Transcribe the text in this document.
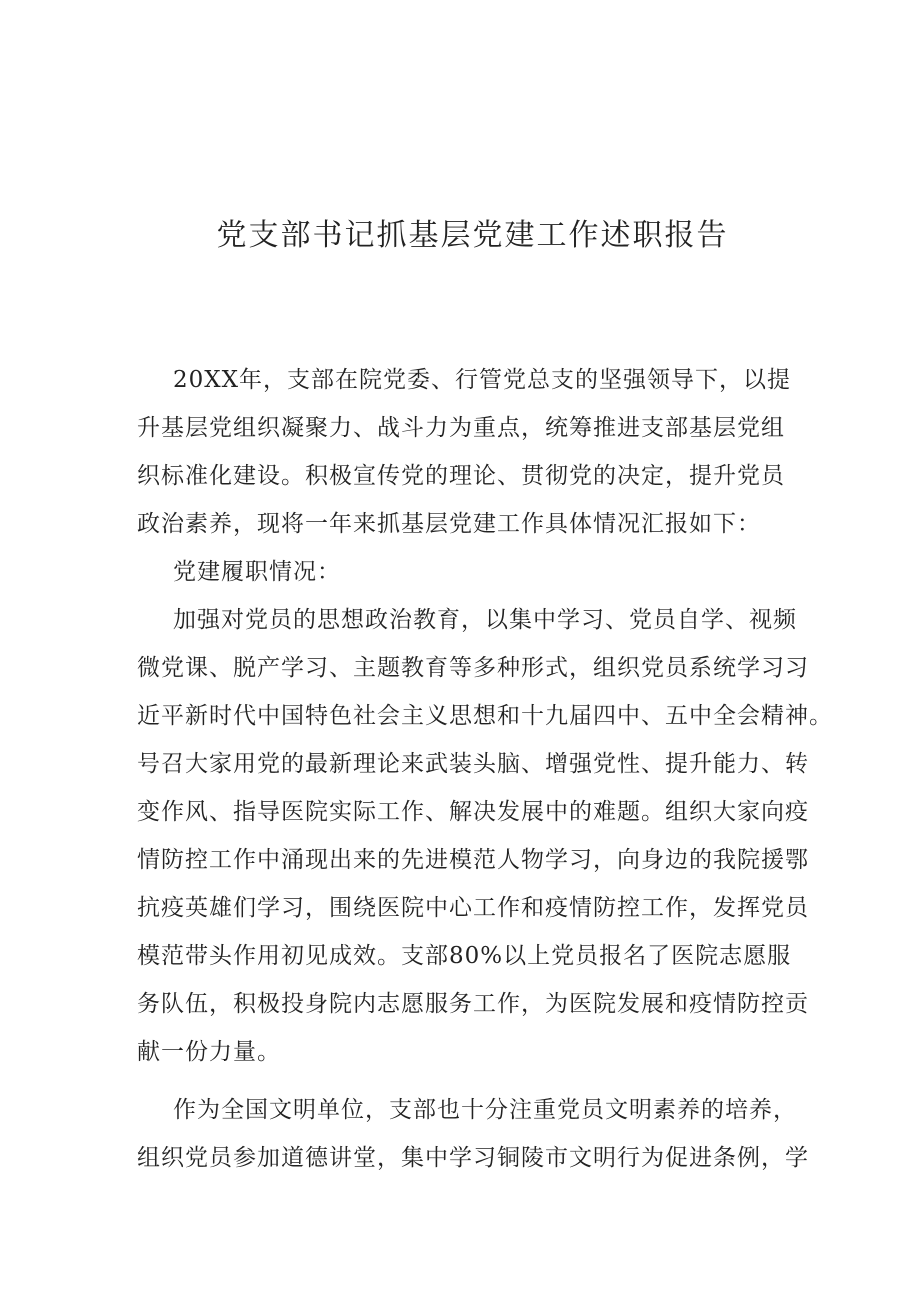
党支部书记抓基层党建工作述职报告
20XX年，支部在院党委、行管党总支的坚强领导下，以提
升基层党组织凝聚力、战斗力为重点，统筹推进支部基层党组
织标准化建设。积极宣传党的理论、贯彻党的决定，提升党员
政治素养，现将一年来抓基层党建工作具体情况汇报如下：
党建履职情况：
加强对党员的思想政治教育，以集中学习、党员自学、视频
微党课、脱产学习、主题教育等多种形式，组织党员系统学习习
近平新时代中国特色社会主义思想和十九届四中、五中全会精神。
号召大家用党的最新理论来武装头脑、增强党性、提升能力、转
变作风、指导医院实际工作、解决发展中的难题。组织大家向疫
情防控工作中涌现出来的先进模范人物学习，向身边的我院援鄂
抗疫英雄们学习，围绕医院中心工作和疫情防控工作，发挥党员
模范带头作用初见成效。支部80%以上党员报名了医院志愿服
务队伍，积极投身院内志愿服务工作，为医院发展和疫情防控贡
献一份力量。
作为全国文明单位，支部也十分注重党员文明素养的培养，
组织党员参加道德讲堂，集中学习铜陵市文明行为促进条例，学
